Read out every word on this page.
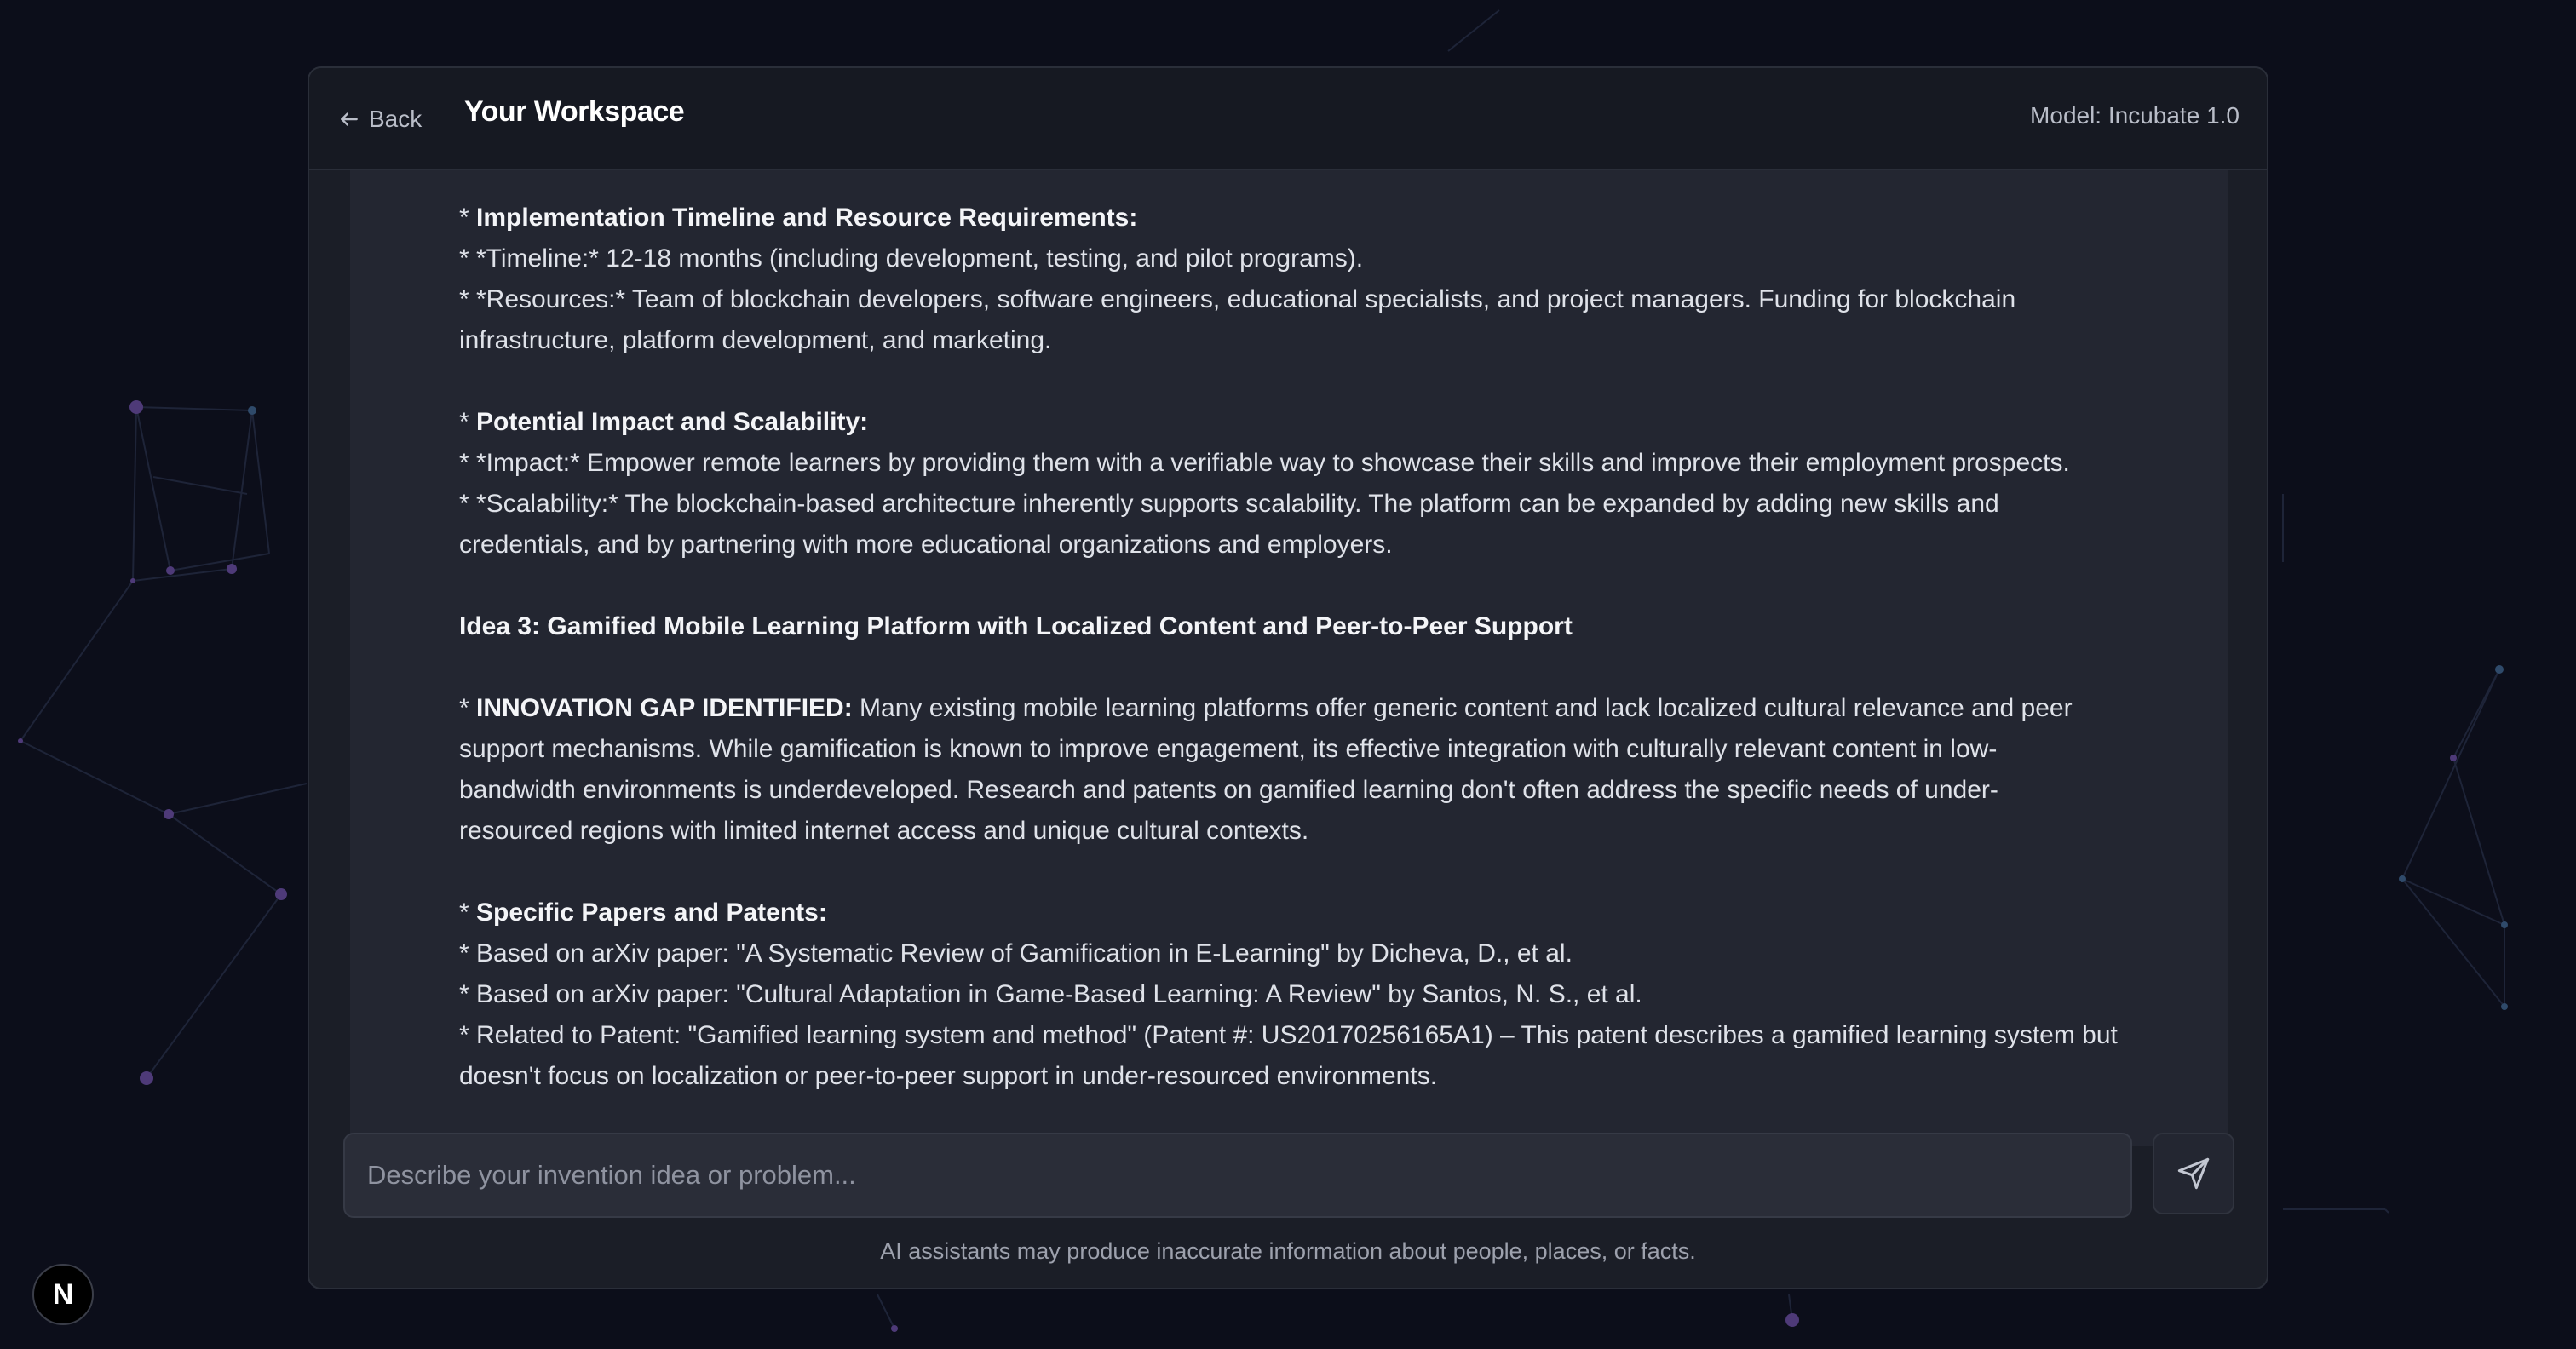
Back Your Workspace	Model: Incubate 1.0

* Implementation Timeline and Resource Requirements:
* *Timeline:* 12-18 months (including development, testing, and pilot programs).
* *Resources:* Team of blockchain developers, software engineers, educational specialists, and project managers. Funding for blockchain
infrastructure, platform development, and marketing.

* Potential Impact and Scalability:
* *Impact:* Empower remote learners by providing them with a verifiable way to showcase their skills and improve their employment prospects.
* *Scalability:* The blockchain-based architecture inherently supports scalability. The platform can be expanded by adding new skills and
credentials, and by partnering with more educational organizations and employers.

Idea 3: Gamified Mobile Learning Platform with Localized Content and Peer-to-Peer Support

* INNOVATION GAP IDENTIFIED: Many existing mobile learning platforms offer generic content and lack localized cultural relevance and peer
support mechanisms. While gamification is known to improve engagement, its effective integration with culturally relevant content in low-
bandwidth environments is underdeveloped. Research and patents on gamified learning don't often address the specific needs of under-
resourced regions with limited internet access and unique cultural contexts.

* Specific Papers and Patents:
* Based on arXiv paper: "A Systematic Review of Gamification in E-Learning" by Dicheva, D., et al.
* Based on arXiv paper: "Cultural Adaptation in Game-Based Learning: A Review" by Santos, N. S., et al.
* Related to Patent: "Gamified learning system and method" (Patent #: US20170256165A1) – This patent describes a gamified learning system but
doesn't focus on localization or peer-to-peer support in under-resourced environments.

Describe your invention idea or problem...
AI assistants may produce inaccurate information about people, places, or facts.
N
